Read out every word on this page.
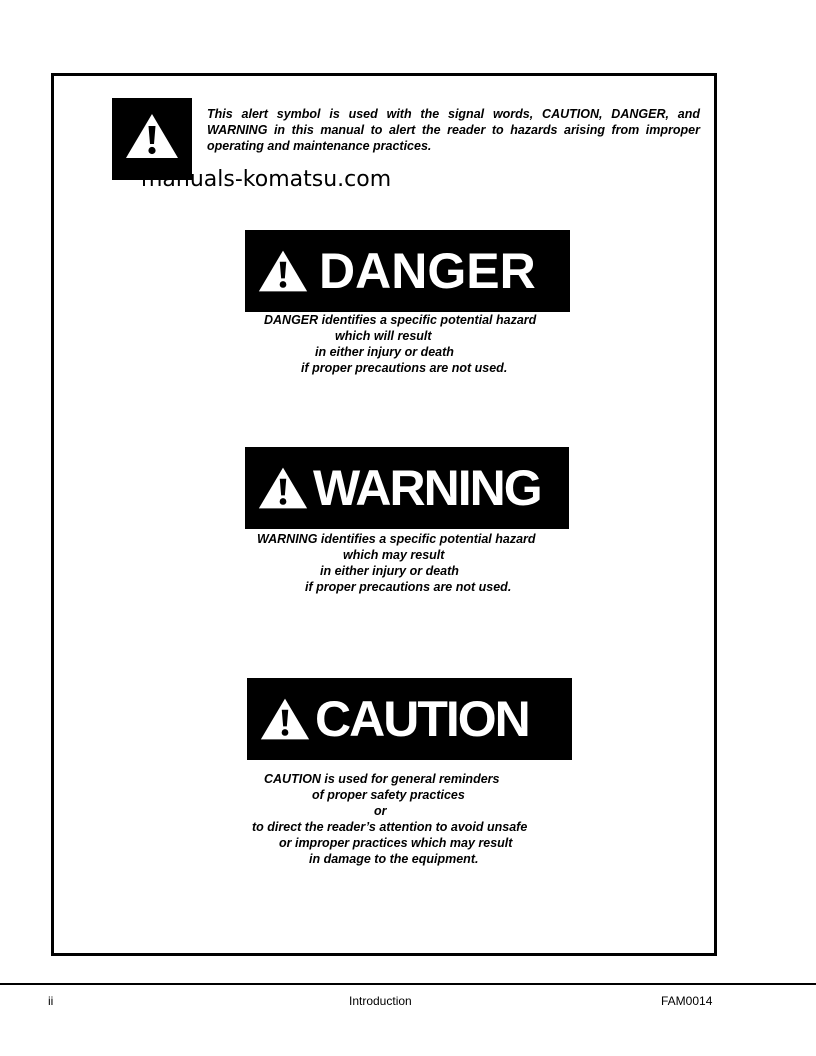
This alert symbol is used with the signal words, CAUTION, DANGER, and WARNING in this manual to alert the reader to hazards arising from improper operating and maintenance practices.
manuals-komatsu.com
DANGER
DANGER identifies a specific potential hazard
which will result
in either injury or death
if proper precautions are not used.
WARNING
WARNING identifies a specific potential hazard
which may result
in either injury or death
if proper precautions are not used.
CAUTION
CAUTION is used for general reminders
of proper safety practices
or
to direct the reader’s attention to avoid unsafe
or improper practices which may result
in damage to the equipment.
ii	Introduction	FAM0014
